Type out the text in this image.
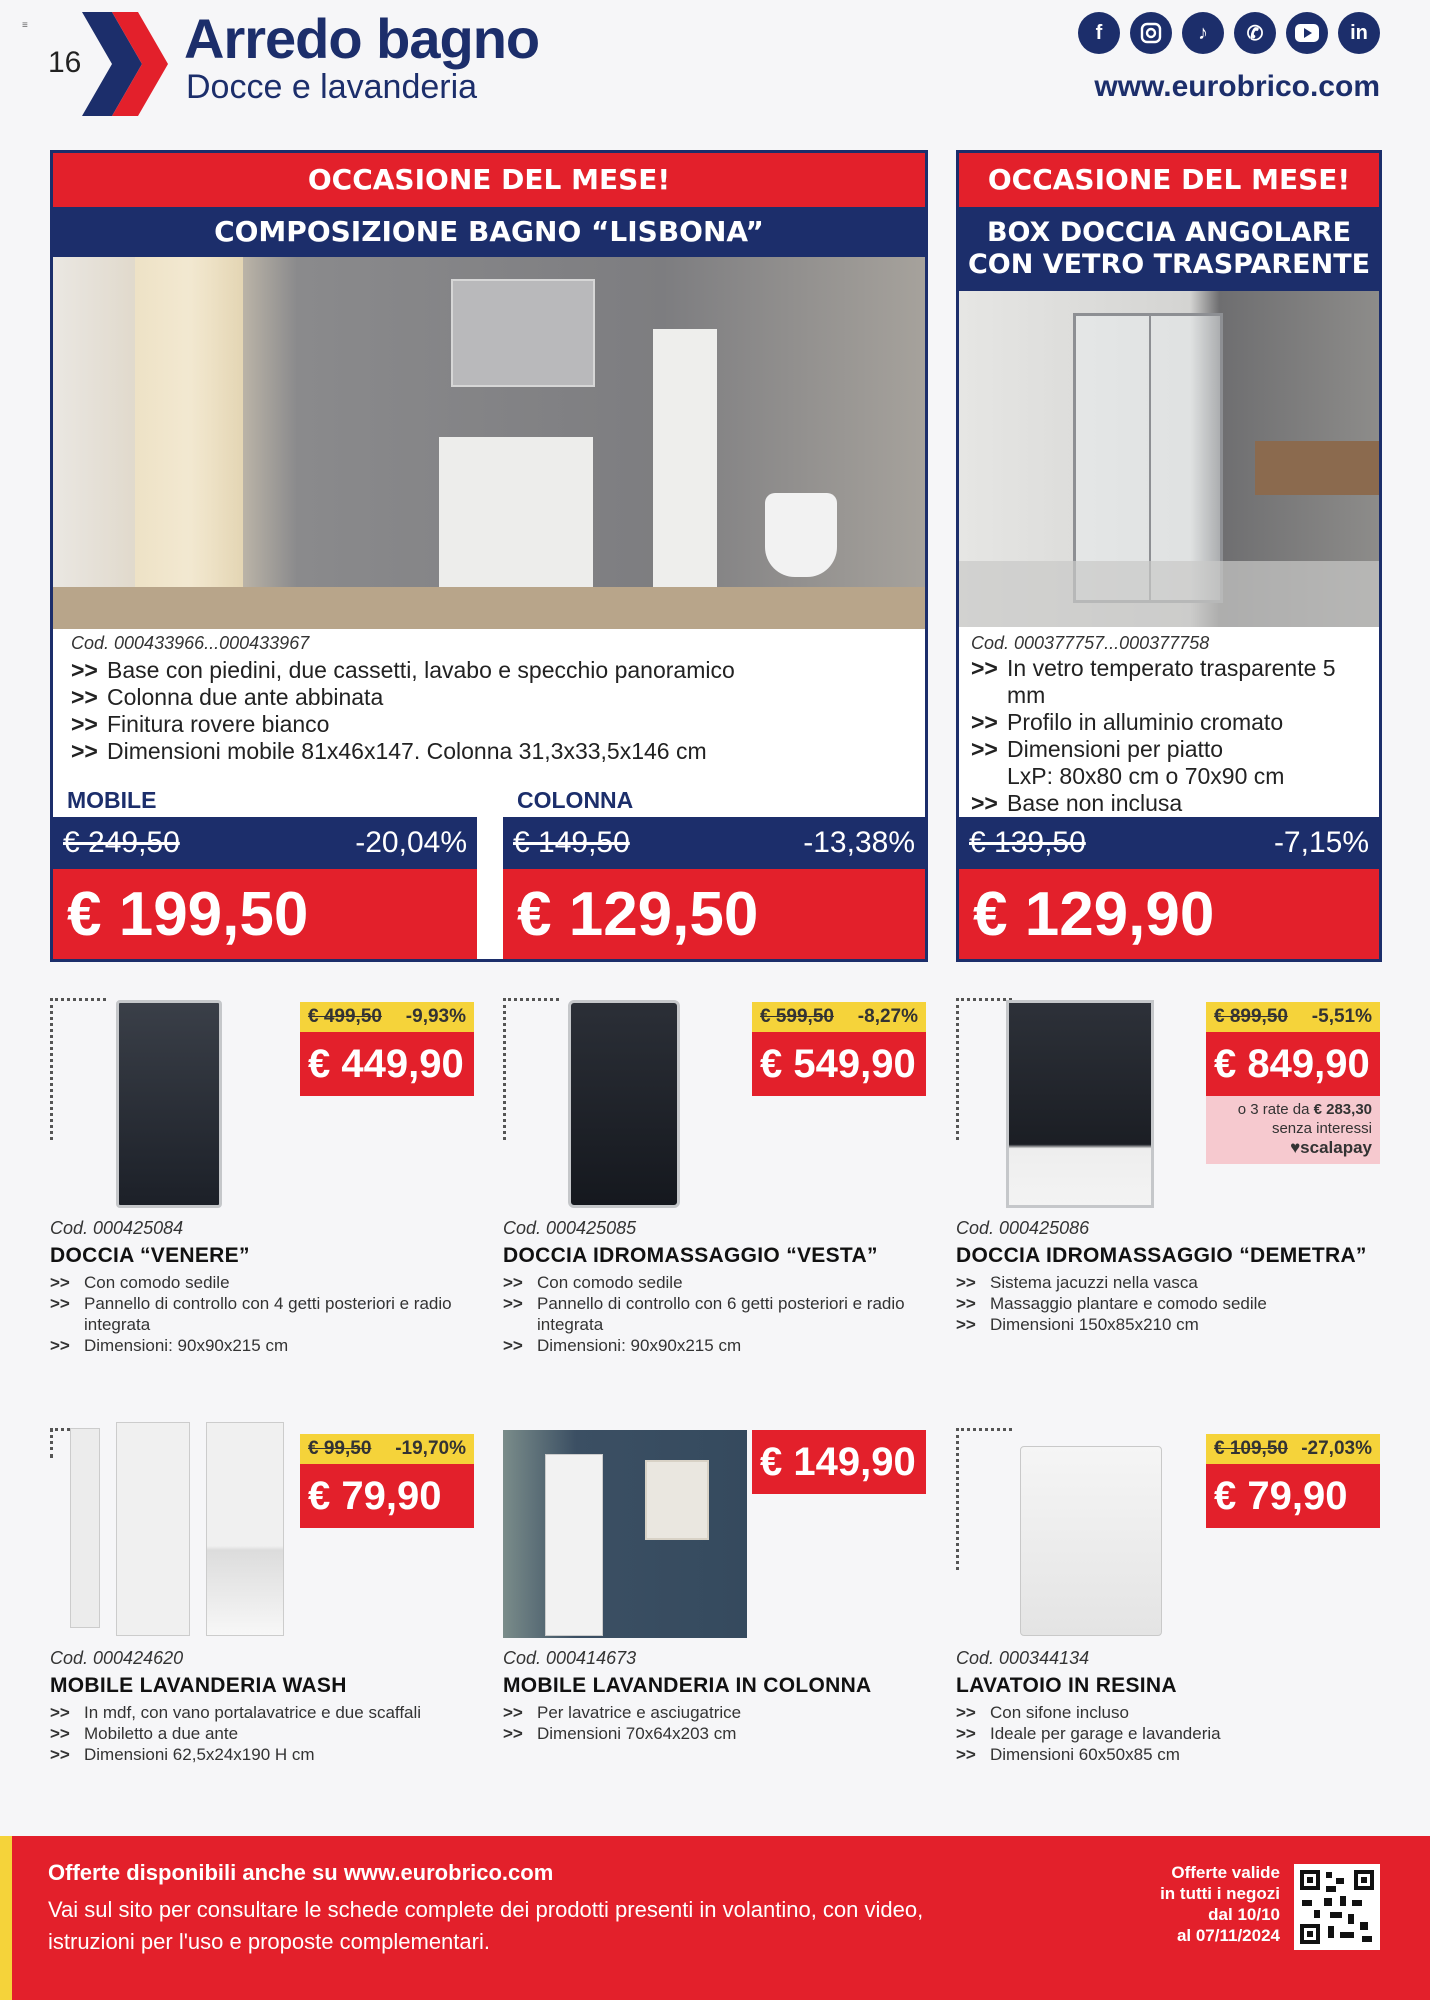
≡
16 Arredo bagno
Docce e lavanderia
f	♪	✆	in
www.eurobrico.com
OCCASIONE DEL MESE!
COMPOSIZIONE BAGNO “LISBONA”
Cod. 000433966...000433967
>> Base con piedini, due cassetti, lavabo e specchio panoramico
>> Colonna due ante abbinata
>> Finitura rovere bianco
>> Dimensioni mobile 81x46x147. Colonna 31,3x33,5x146 cm
MOBILE
€ 249,50	-20,04%
€ 199,50
COLONNA
€ 149,50	-13,38%
€ 129,50
OCCASIONE DEL MESE!
BOX DOCCIA ANGOLARE
CON VETRO TRASPARENTE
Cod. 000377757...000377758
>> In vetro temperato trasparente 5 mm
>> Profilo in alluminio cromato
>> Dimensioni per piatto
LxP: 80x80 cm o 70x90 cm
>> Base non inclusa
€ 139,50	-7,15%
€ 129,90
€ 499,50 -9,93%
€ 449,90
Cod. 000425084
DOCCIA “VENERE”
>> Con comodo sedile
>> Pannello di controllo con 4 getti posteriori e radio integrata
>> Dimensioni: 90x90x215 cm
€ 599,50 -8,27%
€ 549,90
Cod. 000425085
DOCCIA IDROMASSAGGIO “VESTA”
>> Con comodo sedile
>> Pannello di controllo con 6 getti posteriori e radio integrata
>> Dimensioni: 90x90x215 cm
€ 899,50 -5,51%
€ 849,90
o 3 rate da € 283,30
senza interessi
♥scalapay
Cod. 000425086
DOCCIA IDROMASSAGGIO “DEMETRA”
>> Sistema jacuzzi nella vasca
>> Massaggio plantare e comodo sedile
>> Dimensioni 150x85x210 cm
€ 99,50 -19,70%
€ 79,90
Cod. 000424620
MOBILE LAVANDERIA WASH
>> In mdf, con vano portalavatrice e due scaffali
>> Mobiletto a due ante
>> Dimensioni 62,5x24x190 H cm
€ 149,90
Cod. 000414673
MOBILE LAVANDERIA IN COLONNA
>> Per lavatrice e asciugatrice
>> Dimensioni 70x64x203 cm
€ 109,50 -27,03%
€ 79,90
Cod. 000344134
LAVATOIO IN RESINA
>> Con sifone incluso
>> Ideale per garage e lavanderia
>> Dimensioni 60x50x85 cm
Offerte disponibili anche su www.eurobrico.com
Vai sul sito per consultare le schede complete dei prodotti presenti in volantino, con video,
istruzioni per l'uso e proposte complementari.
Offerte valide
in tutti i negozi
dal 10/10
al 07/11/2024
